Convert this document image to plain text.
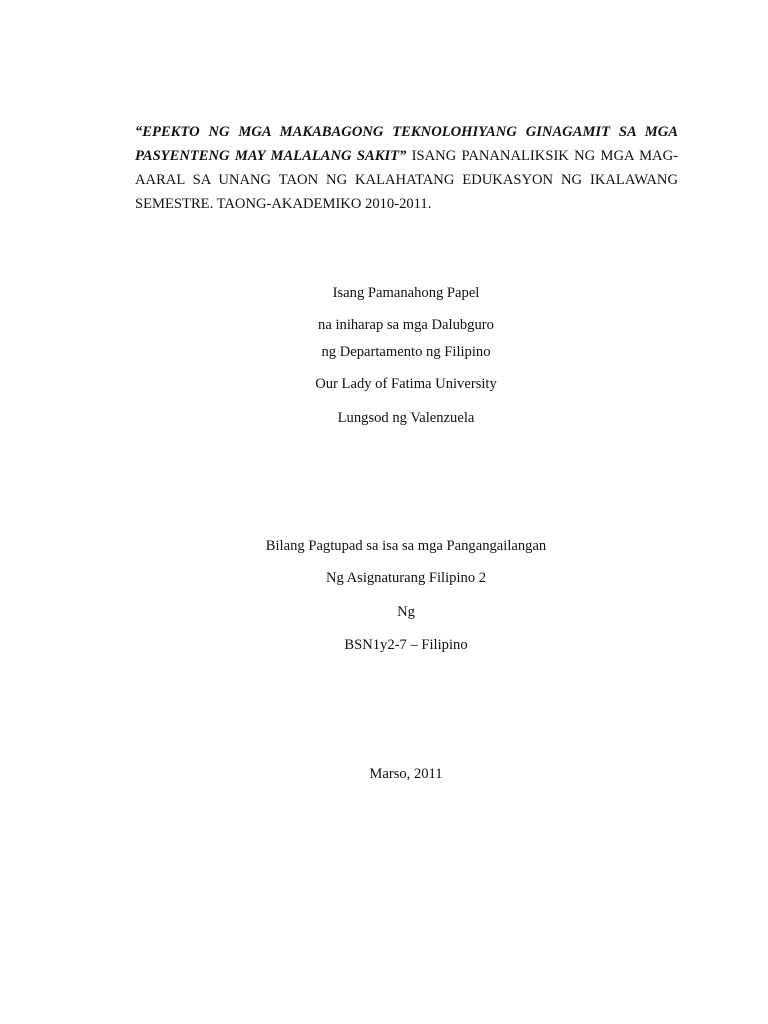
“EPEKTO NG MGA MAKABAGONG TEKNOLOHIYANG GINAGAMIT SA MGA PASYENTENG MAY MALALANG SAKIT” ISANG PANANALIKSIK NG MGA MAG-AARAL SA UNANG TAON NG KALAHATANG EDUKASYON NG IKALAWANG SEMESTRE. TAONG-AKADEMIKO 2010-2011.
Isang Pamanahong Papel
na iniharap sa mga Dalubguro
ng Departamento ng Filipino
Our Lady of Fatima University
Lungsod ng Valenzuela
Bilang Pagtupad sa isa sa mga Pangangailangan
Ng Asignaturang Filipino 2
Ng
BSN1y2-7 – Filipino
Marso, 2011
